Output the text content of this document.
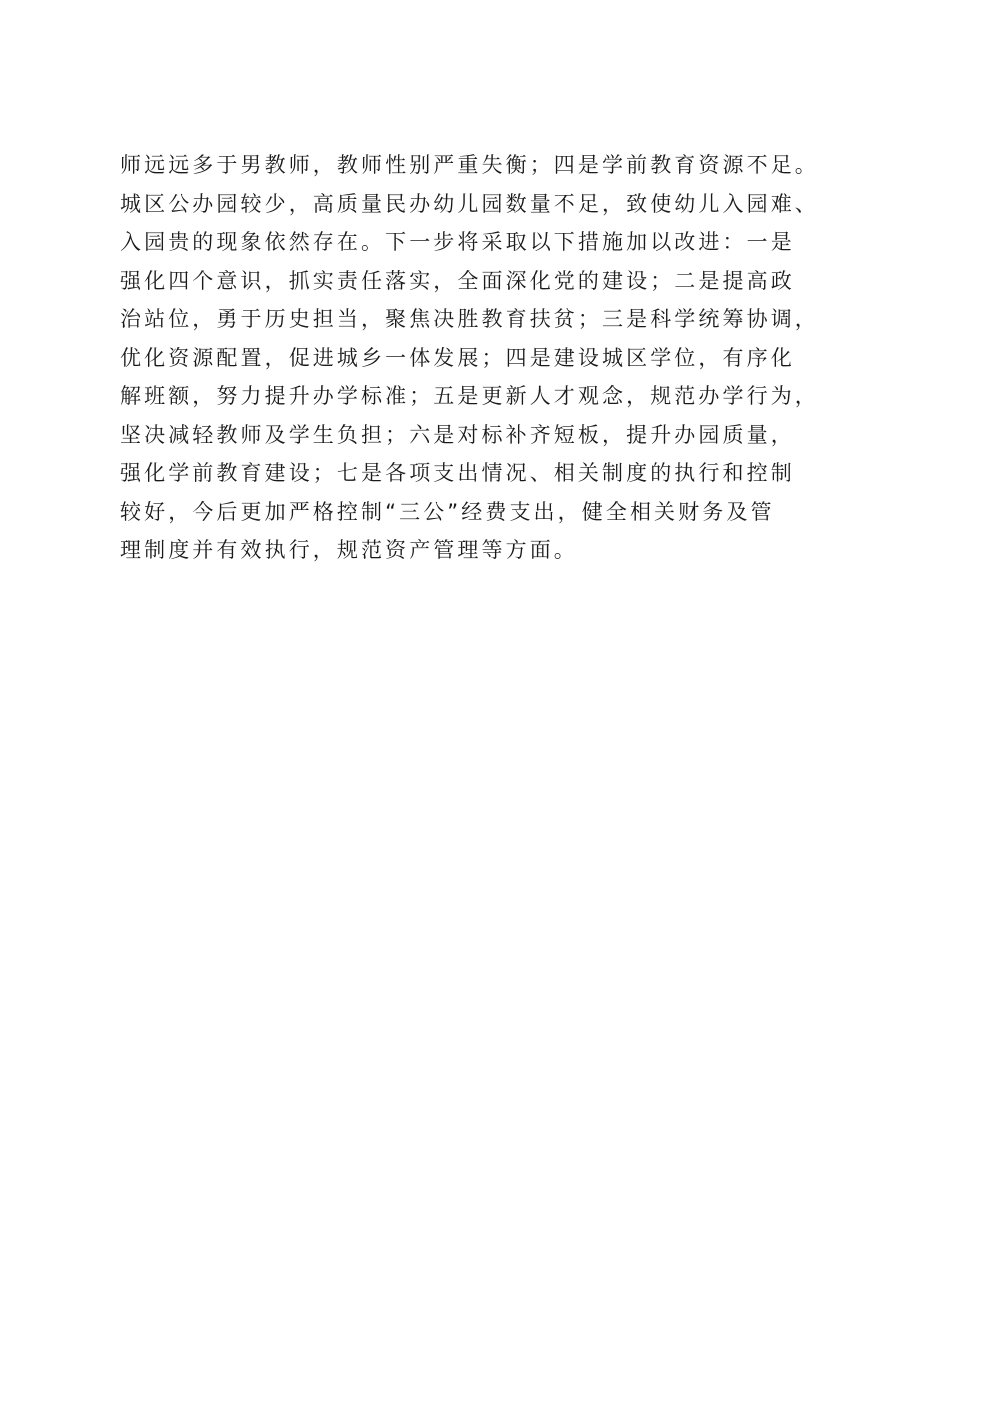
师远远多于男教师，教师性别严重失衡；四是学前教育资源不足。
城区公办园较少，高质量民办幼儿园数量不足，致使幼儿入园难、
入园贵的现象依然存在。下一步将采取以下措施加以改进：一是
强化四个意识，抓实责任落实，全面深化党的建设；二是提高政
治站位，勇于历史担当，聚焦决胜教育扶贫；三是科学统筹协调，
优化资源配置，促进城乡一体发展；四是建设城区学位，有序化
解班额，努力提升办学标准；五是更新人才观念，规范办学行为，
坚决减轻教师及学生负担；六是对标补齐短板，提升办园质量，
强化学前教育建设；七是各项支出情况、相关制度的执行和控制
较好，今后更加严格控制“三公”经费支出，健全相关财务及管
理制度并有效执行，规范资产管理等方面。
